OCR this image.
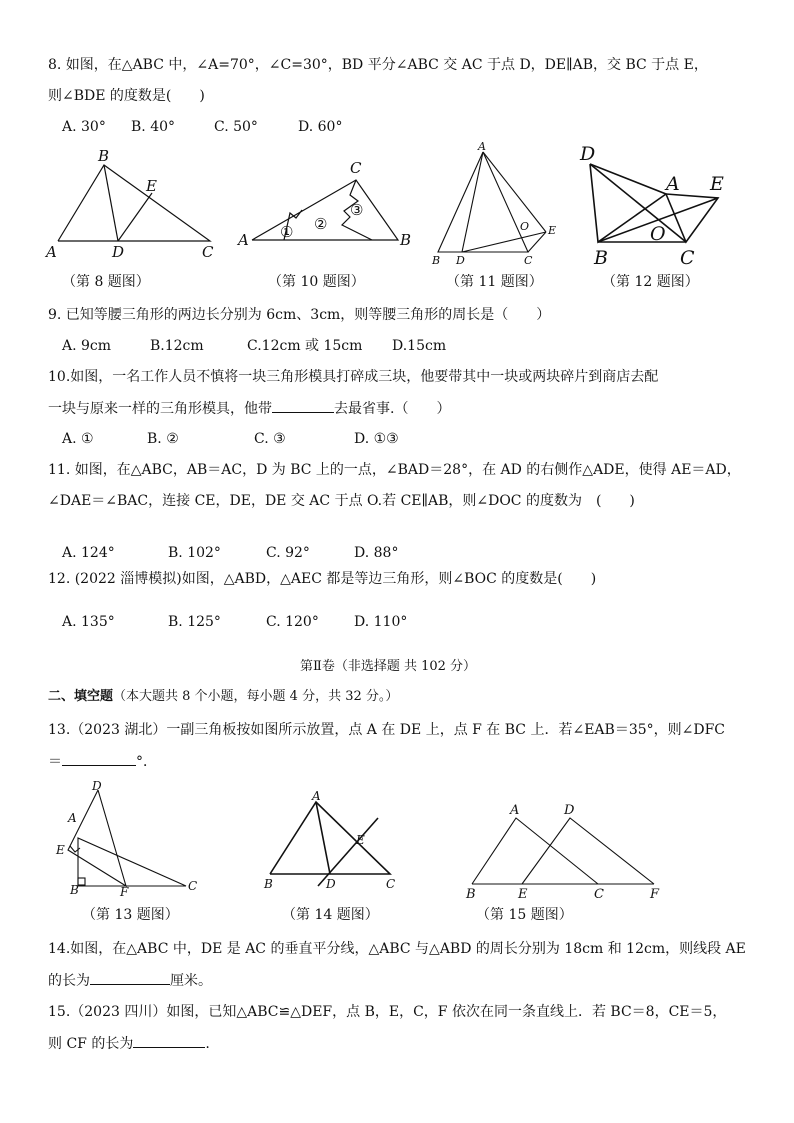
8. 如图，在△ABC 中，∠A=70°，∠C=30°，BD 平分∠ABC 交 AC 于点 D，DE∥AB，交 BC 于点 E，
则∠BDE 的度数是(　　)
A. 30° B. 40°	C. 50°	D. 60°
B
E
A	D	C
A
C
B
① ②
③
A
B D	C
E
O
D
A E
O
B	C
（第 8 题图）	（第 10 题图）	（第 11 题图）	（第 12 题图）
9. 已知等腰三角形的两边长分别为 6cm、3cm，则等腰三角形的周长是（　　）
A. 9cm	B.12cm	C.12cm 或 15cm D.15cm
10.如图，一名工作人员不慎将一块三角形模具打碎成三块，他要带其中一块或两块碎片到商店去配
一块与原来一样的三角形模具，他带	去最省事.（　　）
A. ①	B. ②	C. ③	D. ①③
11. 如图，在△ABC，AB＝AC，D 为 BC 上的一点，∠BAD＝28°，在 AD 的右侧作△ADE，使得 AE＝AD，
∠DAE＝∠BAC，连接 CE，DE，DE 交 AC 于点 O.若 CE∥AB，则∠DOC 的度数为　(　　)
A. 124°	B. 102°	C. 92°	D. 88°
12. (2022 淄博模拟)如图，△ABD，△AEC 都是等边三角形，则∠BOC 的度数是(　　)
A. 135°	B. 125°	C. 120°	D. 110°
第Ⅱ卷（非选择题 共 102 分）
二、填空题（本大题共 8 个小题，每小题 4 分，共 32 分。）
13.（2023 湖北）一副三角板按如图所示放置，点 A 在 DE 上，点 F 在 BC 上．若∠EAB＝35°，则∠DFC
＝	°．
D
A
E
B	F	C
A
E
B	D	C
A	D
B	E	C	F
（第 13 题图）	（第 14 题图）	（第 15 题图）
14.如图，在△ABC 中，DE 是 AC 的垂直平分线，△ABC 与△ABD 的周长分别为 18cm 和 12cm，则线段 AE
的长为	厘米。
15.（2023 四川）如图，已知△ABC≌△DEF，点 B，E，C，F 依次在同一条直线上．若 BC＝8，CE＝5，
则 CF 的长为	.
